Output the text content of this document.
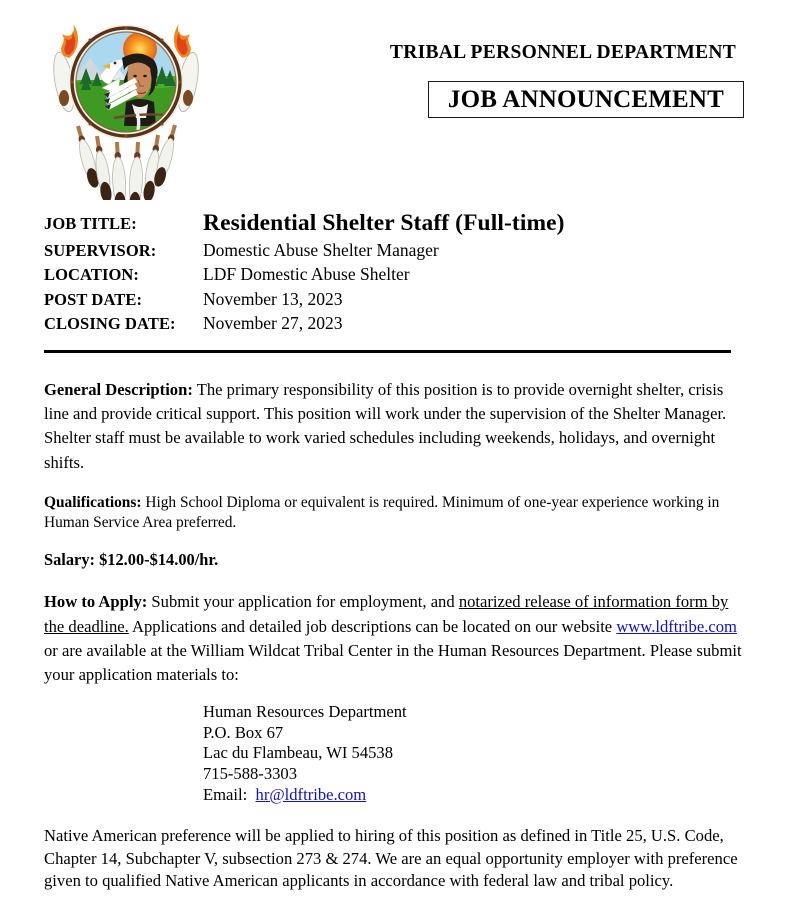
TRIBAL PERSONNEL DEPARTMENT
JOB ANNOUNCEMENT
JOB TITLE:	Residential Shelter Staff (Full-time)
SUPERVISOR:	Domestic Abuse Shelter Manager
LOCATION:	LDF Domestic Abuse Shelter
POST DATE:	November 13, 2023
CLOSING DATE:	November 27, 2023

General Description: The primary responsibility of this position is to provide overnight shelter, crisis line and provide critical support. This position will work under the supervision of the Shelter Manager. Shelter staff must be available to work varied schedules including weekends, holidays, and overnight shifts.

Qualifications: High School Diploma or equivalent is required. Minimum of one-year experience working in Human Service Area preferred.

Salary: $12.00-$14.00/hr.

How to Apply: Submit your application for employment, and notarized release of information form by the deadline. Applications and detailed job descriptions can be located on our website www.ldftribe.com or are available at the William Wildcat Tribal Center in the Human Resources Department. Please submit your application materials to:

Human Resources Department
P.O. Box 67
Lac du Flambeau, WI 54538
715-588-3303
Email: hr@ldftribe.com

Native American preference will be applied to hiring of this position as defined in Title 25, U.S. Code, Chapter 14, Subchapter V, subsection 273 & 274. We are an equal opportunity employer with preference given to qualified Native American applicants in accordance with federal law and tribal policy.
